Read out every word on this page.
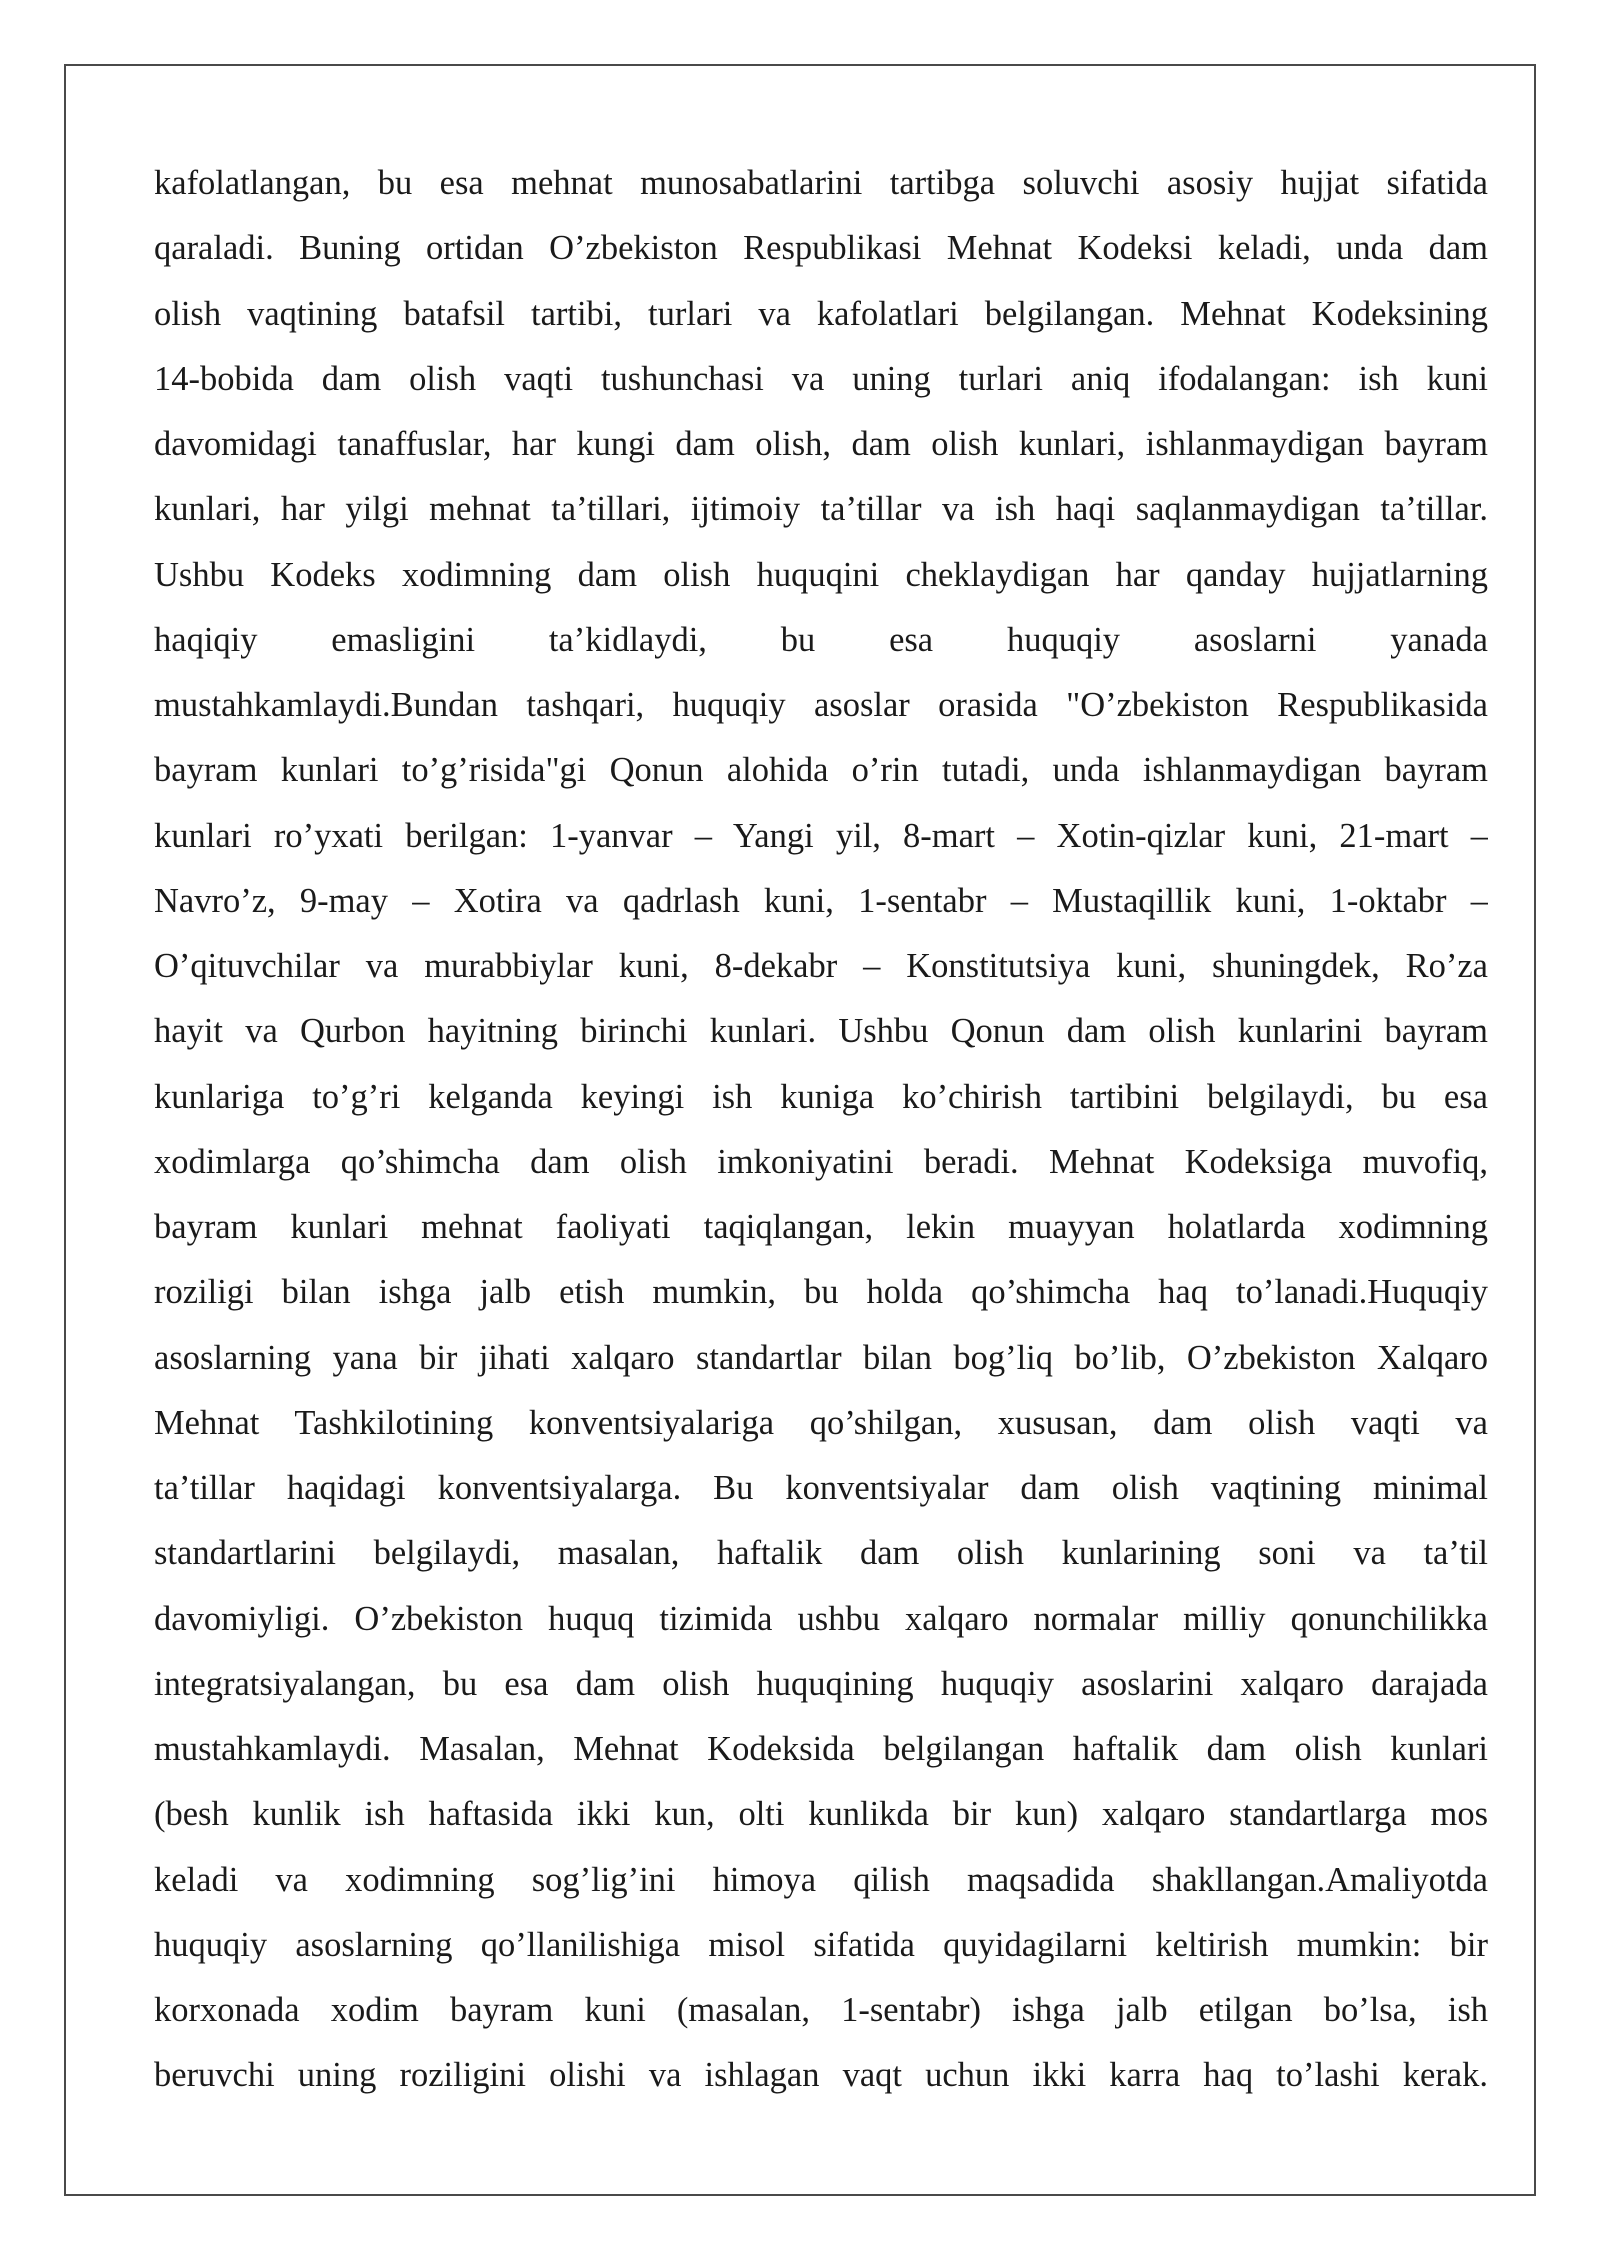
kafolatlangan, bu esa mehnat munosabatlarini tartibga soluvchi asosiy hujjat sifatida
qaraladi. Buning ortidan O’zbekiston Respublikasi Mehnat Kodeksi keladi, unda dam
olish vaqtining batafsil tartibi, turlari va kafolatlari belgilangan. Mehnat Kodeksining
14-bobida dam olish vaqti tushunchasi va uning turlari aniq ifodalangan: ish kuni
davomidagi tanaffuslar, har kungi dam olish, dam olish kunlari, ishlanmaydigan bayram
kunlari, har yilgi mehnat ta’tillari, ijtimoiy ta’tillar va ish haqi saqlanmaydigan ta’tillar.
Ushbu Kodeks xodimning dam olish huquqini cheklaydigan har qanday hujjatlarning
haqiqiy emasligini ta’kidlaydi, bu esa huquqiy asoslarni yanada
mustahkamlaydi.Bundan tashqari, huquqiy asoslar orasida "O’zbekiston Respublikasida
bayram kunlari to’g’risida"gi Qonun alohida o’rin tutadi, unda ishlanmaydigan bayram
kunlari ro’yxati berilgan: 1-yanvar – Yangi yil, 8-mart – Xotin-qizlar kuni, 21-mart –
Navro’z, 9-may – Xotira va qadrlash kuni, 1-sentabr – Mustaqillik kuni, 1-oktabr –
O’qituvchilar va murabbiylar kuni, 8-dekabr – Konstitutsiya kuni, shuningdek, Ro’za
hayit va Qurbon hayitning birinchi kunlari. Ushbu Qonun dam olish kunlarini bayram
kunlariga to’g’ri kelganda keyingi ish kuniga ko’chirish tartibini belgilaydi, bu esa
xodimlarga qo’shimcha dam olish imkoniyatini beradi. Mehnat Kodeksiga muvofiq,
bayram kunlari mehnat faoliyati taqiqlangan, lekin muayyan holatlarda xodimning
roziligi bilan ishga jalb etish mumkin, bu holda qo’shimcha haq to’lanadi.Huquqiy
asoslarning yana bir jihati xalqaro standartlar bilan bog’liq bo’lib, O’zbekiston Xalqaro
Mehnat Tashkilotining konventsiyalariga qo’shilgan, xususan, dam olish vaqti va
ta’tillar haqidagi konventsiyalarga. Bu konventsiyalar dam olish vaqtining minimal
standartlarini belgilaydi, masalan, haftalik dam olish kunlarining soni va ta’til
davomiyligi. O’zbekiston huquq tizimida ushbu xalqaro normalar milliy qonunchilikka
integratsiyalangan, bu esa dam olish huquqining huquqiy asoslarini xalqaro darajada
mustahkamlaydi. Masalan, Mehnat Kodeksida belgilangan haftalik dam olish kunlari
(besh kunlik ish haftasida ikki kun, olti kunlikda bir kun) xalqaro standartlarga mos
keladi va xodimning sog’lig’ini himoya qilish maqsadida shakllangan.Amaliyotda
huquqiy asoslarning qo’llanilishiga misol sifatida quyidagilarni keltirish mumkin: bir
korxonada xodim bayram kuni (masalan, 1-sentabr) ishga jalb etilgan bo’lsa, ish
beruvchi uning roziligini olishi va ishlagan vaqt uchun ikki karra haq to’lashi kerak.
